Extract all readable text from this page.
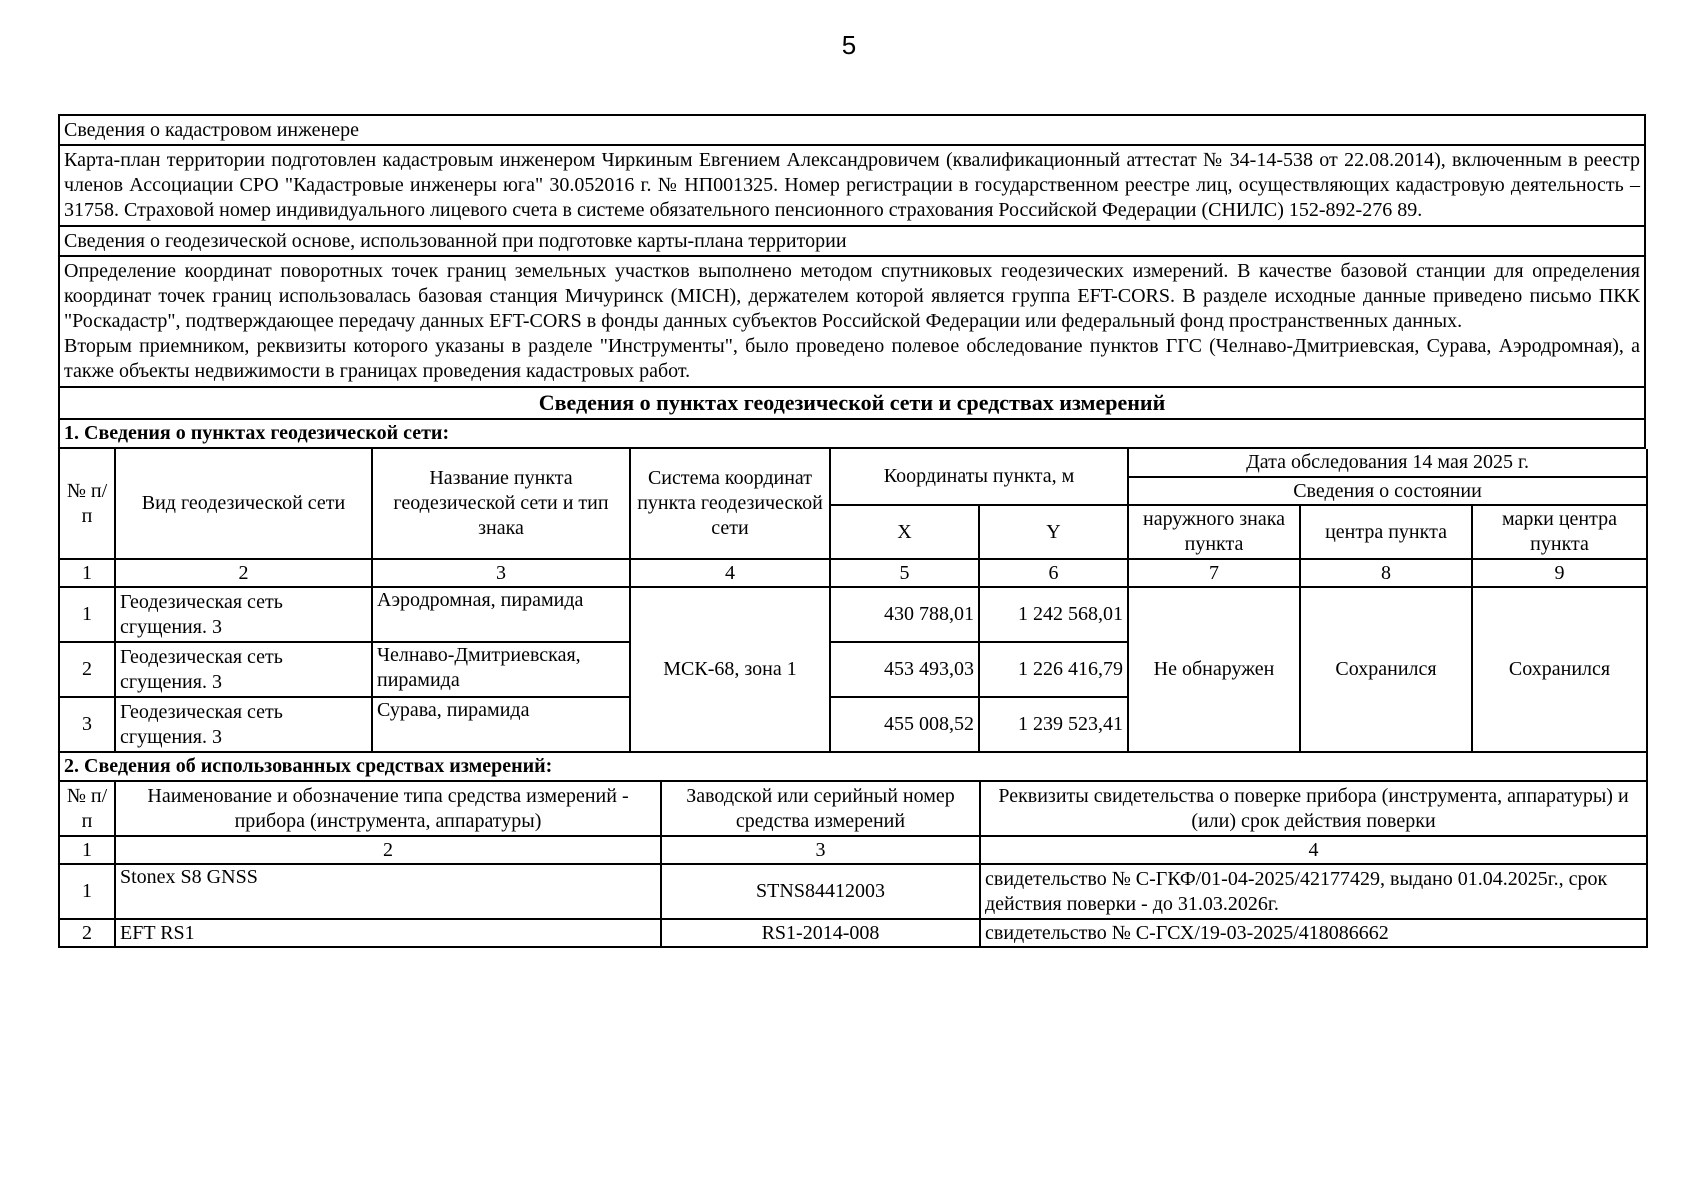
5
Сведения о кадастровом инженере
Карта-план территории подготовлен кадастровым инженером Чиркиным Евгением Александровичем (квалификационный аттестат № 34-14-538 от 22.08.2014), включенным в реестр членов Ассоциации СРО "Кадастровые инженеры юга" 30.052016 г. № НП001325. Номер регистрации в государственном реестре лиц, осуществляющих кадастровую деятельность – 31758. Страховой номер индивидуального лицевого счета в системе обязательного пенсионного страхования Российской Федерации (СНИЛС) 152-892-276 89.
Сведения о геодезической основе, использованной при подготовке карты-плана территории

Определение координат поворотных точек границ земельных участков выполнено методом спутниковых геодезических измерений. В качестве базовой станции для определения координат точек границ использовалась базовая станция Мичуринск (MICH), держателем которой является группа EFT-CORS. В разделе исходные данные приведено письмо ПКК "Роскадастр", подтверждающее передачу данных EFT-CORS в фонды данных субъектов Российской Федерации или федеральный фонд пространственных данных.

Вторым приемником, реквизиты которого указаны в разделе "Инструменты", было проведено полевое обследование пунктов ГГС (Челнаво-Дмитриевская, Сурава, Аэродромная), а также объекты недвижимости в границах проведения кадастровых работ.

Сведения о пунктах геодезической сети и средствах измерений
1. Сведения о пунктах геодезической сети:
№ п/п	Вид геодезической сети	Название пункта геодезической сети и тип знака	Система координат пункта геодезической сети	Координаты пункта, м		Дата обследования 14 мая 2025 г.		
						Сведения о состоянии		
				X	Y	наружного знака пункта	центра пункта	марки центра пункта
1	2	3	4	5	6	7	8	9
1	Геодезическая сеть сгущения. 3	Аэродромная, пирамида	МСК-68, зона 1	430 788,01	1 242 568,01	Не обнаружен	Сохранился	Сохранился
2	Геодезическая сеть сгущения. 3	Челнаво-Дмитриевская, пирамида		453 493,03	1 226 416,79			
3	Геодезическая сеть сгущения. 3	Сурава, пирамида		455 008,52	1 239 523,41			
2. Сведения об использованных средствах измерений:								
№ п/п	Наименование и обозначение типа средства измерений - прибора (инструмента, аппаратуры)	Заводской или серийный номер средства измерений	Реквизиты свидетельства о поверке прибора (инструмента, аппаратуры) и (или) срок действия поверки
1	2	3	4
1	Stonex S8 GNSS	STNS84412003	свидетельство № С-ГКФ/01-04-2025/42177429, выдано 01.04.2025г., срок действия поверки - до 31.03.2026г.
2	EFT RS1	RS1-2014-008	свидетельство № С-ГСХ/19-03-2025/418086662
